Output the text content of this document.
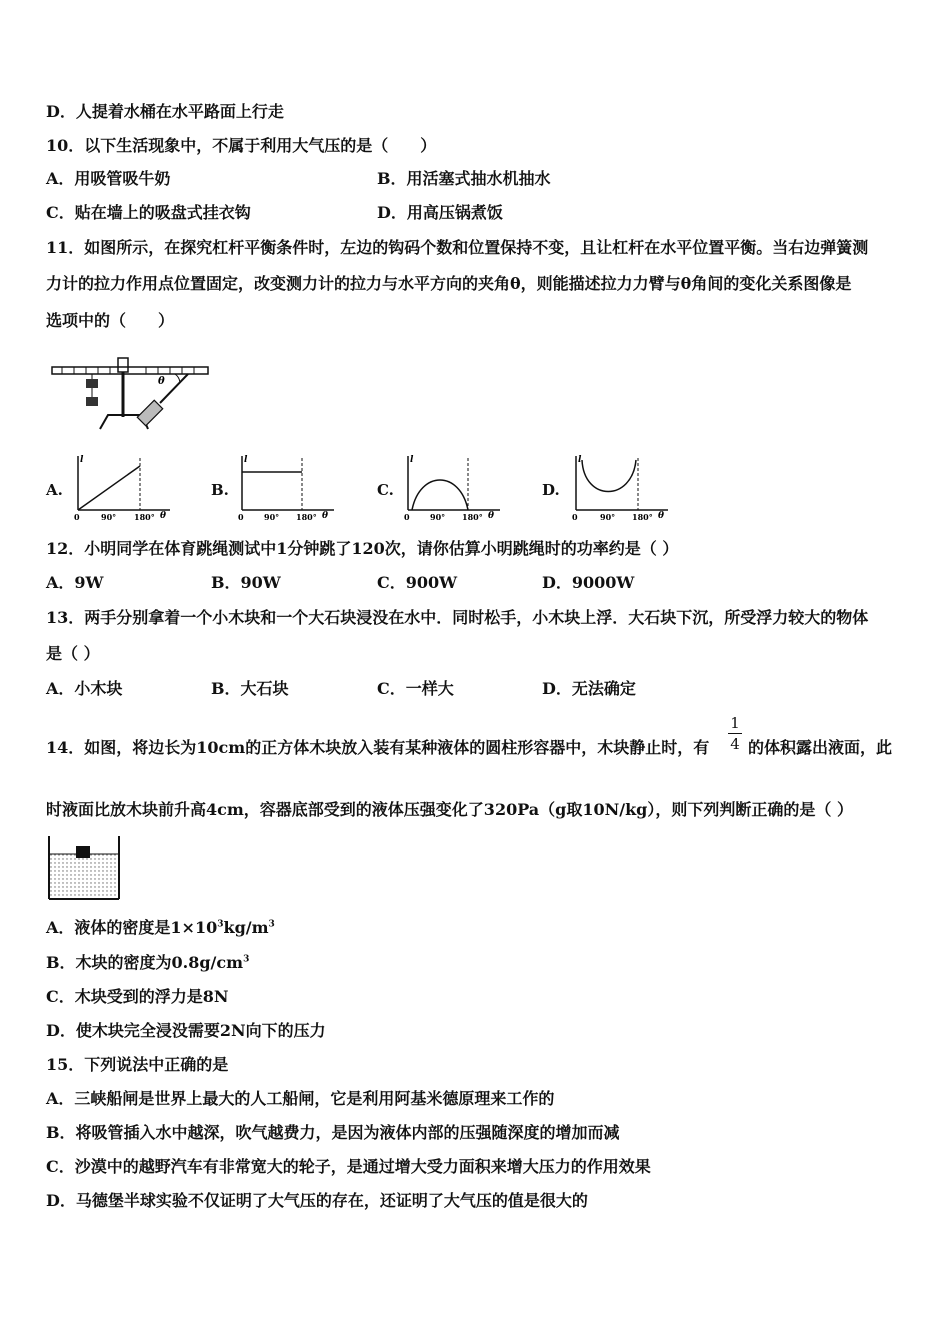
D．人提着水桶在水平路面上行走
10．以下生活现象中，不属于利用大气压的是（　　）
A．用吸管吸牛奶	B．用活塞式抽水机抽水
C．贴在墙上的吸盘式挂衣钩	D．用高压锅煮饭
11．如图所示，在探究杠杆平衡条件时，左边的钩码个数和位置保持不变，且让杠杆在水平位置平衡。当右边弹簧测
力计的拉力作用点位置固定，改变测力计的拉力与水平方向的夹角θ，则能描述拉力力臂与θ角间的变化关系图像是
选项中的（　　）
θ
A.
l
0	90° 180° θ
B.
l
0	90° 180° θ
C.
l
0	90° 180° θ
D.
l
0	90° 180° θ
12．小明同学在体育跳绳测试中1分钟跳了120次，请你估算小明跳绳时的功率约是（ ）
A．9W	B．90W	C．900W	D．9000W
13．两手分别拿着一个小木块和一个大石块浸没在水中．同时松手，小木块上浮．大石块下沉，所受浮力较大的物体
是（ ）
A．小木块	B．大石块	C．一样大	D．无法确定
14．如图，将边长为10cm的正方体木块放入装有某种液体的圆柱形容器中，木块静止时，有
1
4 的体积露出液面，此
时液面比放木块前升高4cm，容器底部受到的液体压强变化了320Pa（g取10N/kg），则下列判断正确的是（ ）
A．液体的密度是$1\times 10^3kg/m^3$
B．木块的密度为$0.8g/cm^3$
C．木块受到的浮力是8N
D．使木块完全浸没需要2N向下的压力
15．下列说法中正确的是
A．三峡船闸是世界上最大的人工船闸，它是利用阿基米德原理来工作的
B．将吸管插入水中越深，吹气越费力，是因为液体内部的压强随深度的增加而减
C．沙漠中的越野汽车有非常宽大的轮子，是通过增大受力面积来增大压力的作用效果
D．马德堡半球实验不仅证明了大气压的存在，还证明了大气压的值是很大的
